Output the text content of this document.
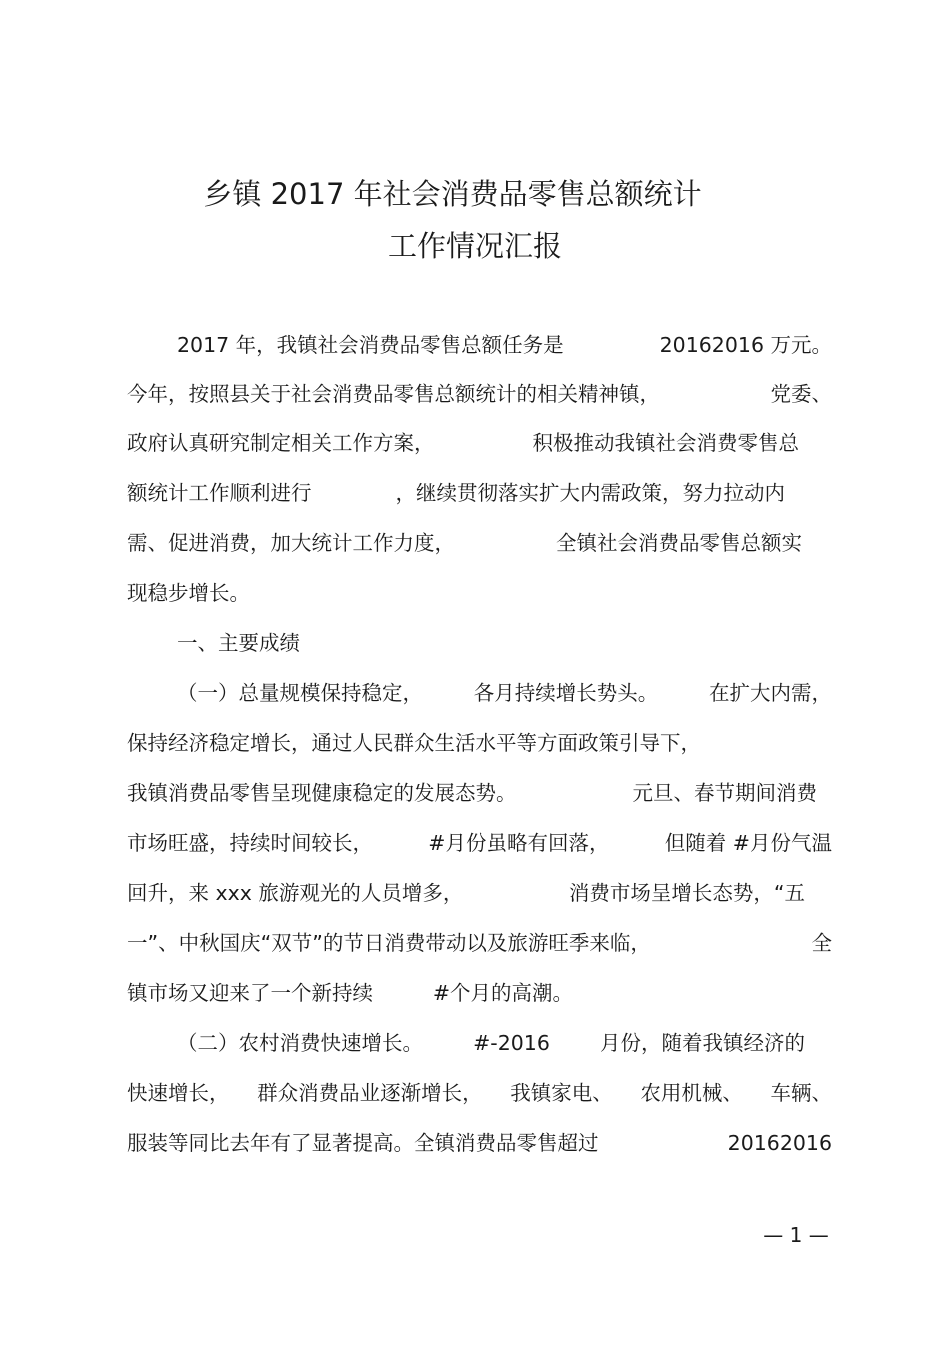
乡镇 2017 年社会消费品零售总额统计
工作情况汇报
2017 年，我镇社会消费品零售总额任务是	20162016 万元。
今年，按照县关于社会消费品零售总额统计的相关精神镇，	党委、
政府认真研究制定相关工作方案，	积极推动我镇社会消费零售总
额统计工作顺利进行	，继续贯彻落实扩大内需政策，努力拉动内
需、促进消费，加大统计工作力度，	全镇社会消费品零售总额实
现稳步增长。
一、主要成绩
（一）总量规模保持稳定， 各月持续增长势头。 在扩大内需，
保持经济稳定增长，通过人民群众生活水平等方面政策引导下，
我镇消费品零售呈现健康稳定的发展态势。	元旦、春节期间消费
市场旺盛，持续时间较长，	#月份虽略有回落，	但随着 #月份气温
回升，来 xxx 旅游观光的人员增多，	消费市场呈增长态势，“五
一”、中秋国庆“双节”的节日消费带动以及旅游旺季来临，	全
镇市场又迎来了一个新持续	#个月的高潮。
（二）农村消费快速增长。 #-2016 月份，随着我镇经济的
快速增长， 群众消费品业逐渐增长， 我镇家电、 农用机械、 车辆、
服装等同比去年有了显著提高。全镇消费品零售超过	20162016
— 1 —
